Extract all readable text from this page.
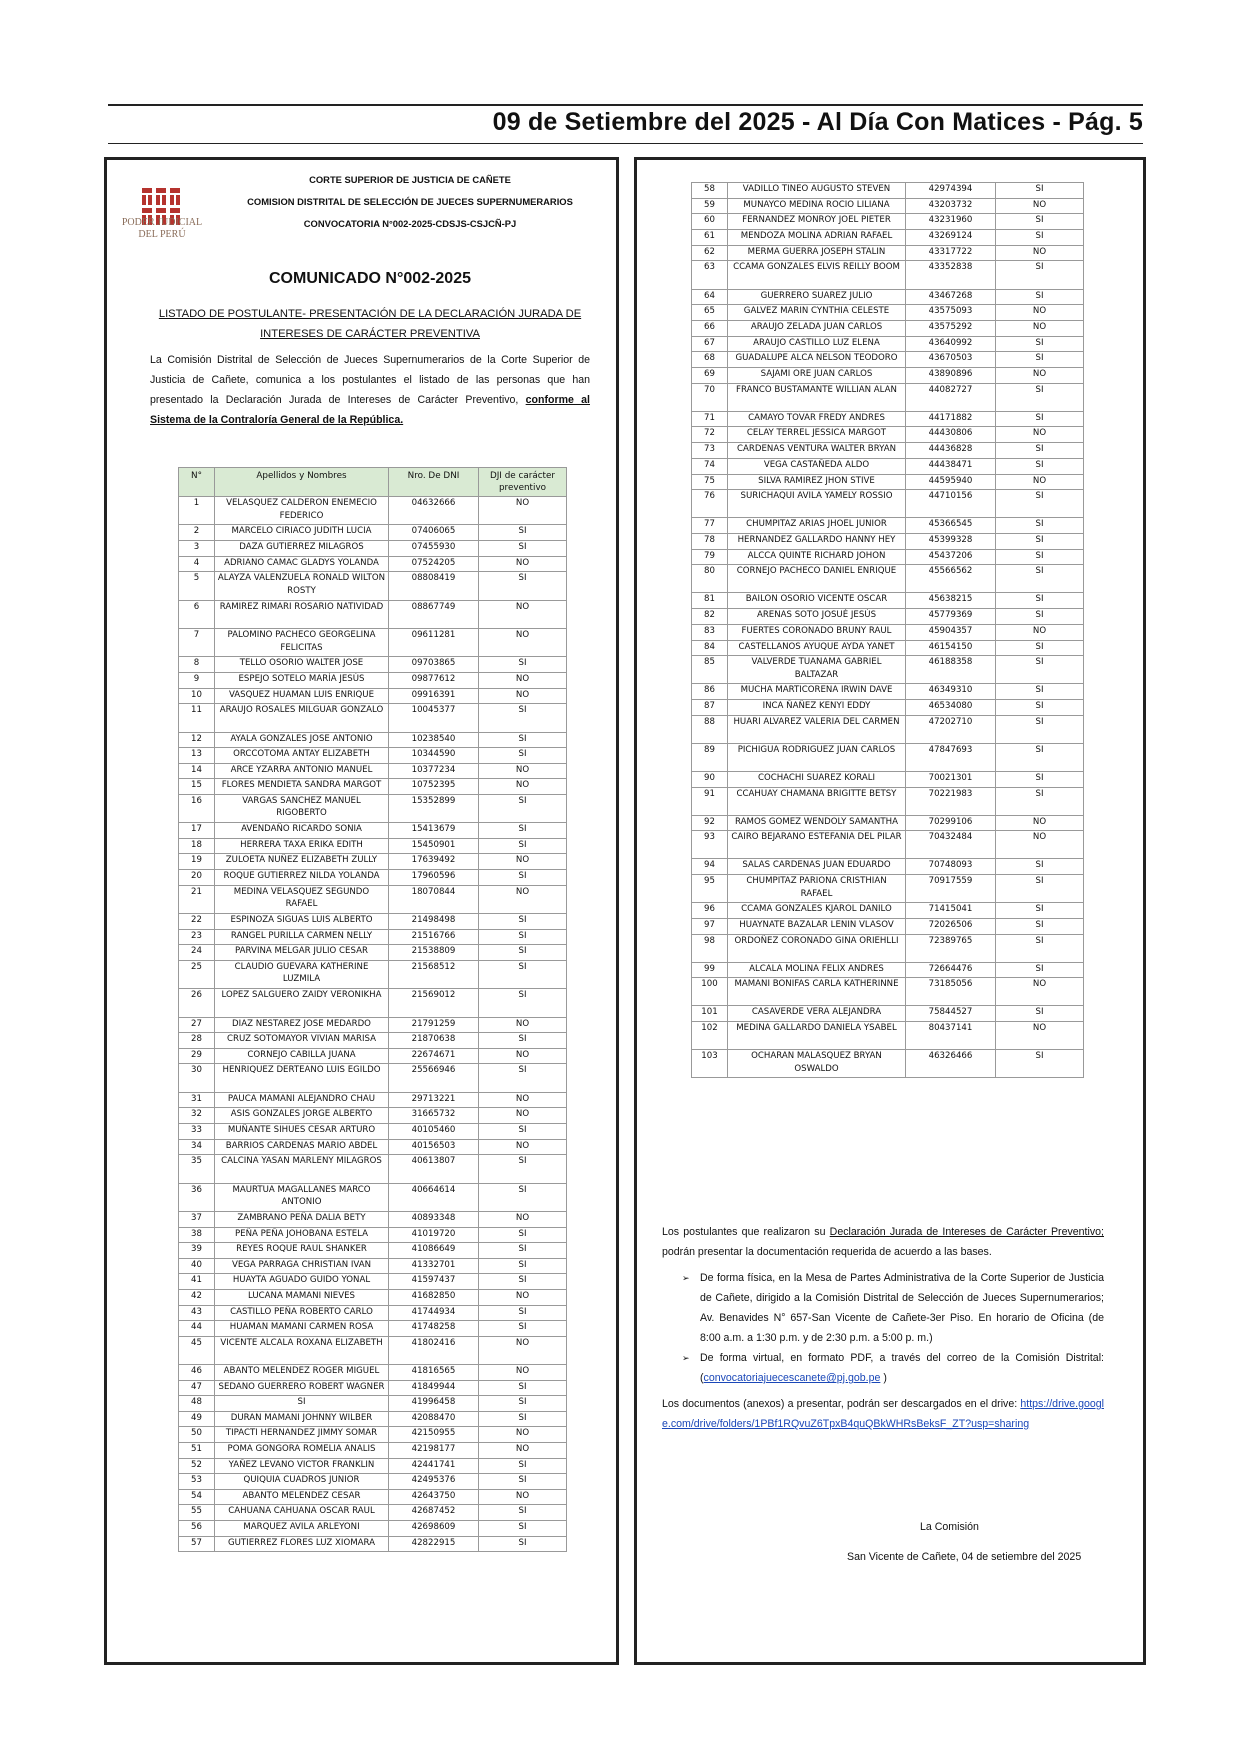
09 de Setiembre del 2025 - Al Día Con Matices - Pág. 5
PODER JUDICIAL
DEL PERÚ
CORTE SUPERIOR DE JUSTICIA DE CAÑETE
COMISION DISTRITAL DE SELECCIÓN DE JUECES SUPERNUMERARIOS
CONVOCATORIA N°002-2025-CDSJS-CSJCÑ-PJ
COMUNICADO N°002-2025
LISTADO DE POSTULANTE- PRESENTACIÓN DE LA DECLARACIÓN JURADA DE INTERESES DE CARÁCTER PREVENTIVA
La Comisión Distrital de Selección de Jueces Supernumerarios de la Corte Superior de Justicia de Cañete, comunica a los postulantes el listado de las personas que han presentado la Declaración Jurada de Intereses de Carácter Preventivo, conforme al Sistema de la Contraloría General de la República.
N°	Apellidos y Nombres	Nro. De DNI	DJI de carácter preventivo
1	VELASQUEZ CALDERON ENEMECIO FEDERICO	04632666	NO
2	MARCELO CIRIACO JUDITH LUCIA	07406065	SI
3	DAZA GUTIERREZ MILAGROS	07455930	SI
4	ADRIANO CAMAC GLADYS YOLANDA	07524205	NO
5	ALAYZA VALENZUELA RONALD WILTON ROSTY	08808419	SI
6	RAMIREZ RIMARI ROSARIO NATIVIDAD	08867749	NO
7	PALOMINO PACHECO GEORGELINA FELICITAS	09611281	NO
8	TELLO OSORIO WALTER JOSE	09703865	SI
9	ESPEJO SOTELO MARÍA JESÚS	09877612	NO
10	VASQUEZ HUAMAN LUIS ENRIQUE	09916391	NO
11	ARAUJO ROSALES MILGUAR GONZALO	10045377	SI
12	AYALA GONZALES JOSE ANTONIO	10238540	SI
13	ORCCOTOMA ANTAY ELIZABETH	10344590	SI
14	ARCE YZARRA ANTONIO MANUEL	10377234	NO
15	FLORES MENDIETA SANDRA MARGOT	10752395	NO
16	VARGAS SANCHEZ MANUEL RIGOBERTO	15352899	SI
17	AVENDAÑO RICARDO SONIA	15413679	SI
18	HERRERA TAXA ERIKA EDITH	15450901	SI
19	ZULOETA NUÑEZ ELIZABETH ZULLY	17639492	NO
20	ROQUE GUTIERREZ NILDA YOLANDA	17960596	SI
21	MEDINA VELASQUEZ SEGUNDO RAFAEL	18070844	NO
22	ESPINOZA SIGUAS LUIS ALBERTO	21498498	SI
23	RANGEL PURILLA CARMEN NELLY	21516766	SI
24	PARVINA MELGAR JULIO CESAR	21538809	SI
25	CLAUDIO GUEVARA KATHERINE LUZMILA	21568512	SI
26	LOPEZ SALGUERO ZAIDY VERONIKHA	21569012	SI
27	DIAZ NESTAREZ JOSE MEDARDO	21791259	NO
28	CRUZ SOTOMAYOR VIVIAN MARISA	21870638	SI
29	CORNEJO CABILLA JUANA	22674671	NO
30	HENRIQUEZ DERTEANO LUIS EGILDO	25566946	SI
31	PAUCA MAMANI ALEJANDRO CHAU	29713221	NO
32	ASIS GONZALES JORGE ALBERTO	31665732	NO
33	MUÑANTE SIHUES CESAR ARTURO	40105460	SI
34	BARRIOS CARDENAS MARIO ABDEL	40156503	NO
35	CALCINA YASAN MARLENY MILAGROS	40613807	SI
36	MAURTUA MAGALLANES MARCO ANTONIO	40664614	SI
37	ZAMBRANO PEÑA DALIA BETY	40893348	NO
38	PEÑA PEÑA JOHOBANA ESTELA	41019720	SI
39	REYES ROQUE RAUL SHANKER	41086649	SI
40	VEGA PARRAGA CHRISTIAN IVAN	41332701	SI
41	HUAYTA AGUADO GUIDO YONAL	41597437	SI
42	LUCANA MAMANI NIEVES	41682850	NO
43	CASTILLO PEÑA ROBERTO CARLO	41744934	SI
44	HUAMAN MAMANI CARMEN ROSA	41748258	SI
45	VICENTE ALCALA ROXANA ELIZABETH	41802416	NO
46	ABANTO MELENDEZ ROGER MIGUEL	41816565	NO
47	SEDANO GUERRERO ROBERT WAGNER	41849944	SI
48	SI	41996458	SI
49	DURAN MAMANI JOHNNY WILBER	42088470	SI
50	TIPACTI HERNANDEZ JIMMY SOMAR	42150955	NO
51	POMA GONGORA ROMELIA ANALIS	42198177	NO
52	YAÑEZ LEVANO VICTOR FRANKLIN	42441741	SI
53	QUIQUIA CUADROS JUNIOR	42495376	SI
54	ABANTO MELENDEZ CESAR	42643750	NO
55	CAHUANA CAHUANA OSCAR RAUL	42687452	SI
56	MARQUEZ AVILA ARLEYONI	42698609	SI
57	GUTIERREZ FLORES LUZ XIOMARA	42822915	SI
58	VADILLO TINEO AUGUSTO STEVEN	42974394	SI
59	MUNAYCO MEDINA ROCIO LILIANA	43203732	NO
60	FERNANDEZ MONROY JOEL PIETER	43231960	SI
61	MENDOZA MOLINA ADRIAN RAFAEL	43269124	SI
62	MERMA GUERRA JOSEPH STALIN	43317722	NO
63	CCAMA GONZALES ELVIS REILLY BOOM	43352838	SI
64	GUERRERO SUAREZ JULIO	43467268	SI
65	GALVEZ MARIN CYNTHIA CELESTE	43575093	NO
66	ARAUJO ZELADA JUAN CARLOS	43575292	NO
67	ARAUJO CASTILLO LUZ ELENA	43640992	SI
68	GUADALUPE ALCA NELSON TEODORO	43670503	SI
69	SAJAMI ORE JUAN CARLOS	43890896	NO
70	FRANCO BUSTAMANTE WILLIAN ALAN	44082727	SI
71	CAMAYO TOVAR FREDY ANDRES	44171882	SI
72	CELAY TERREL JESSICA MARGOT	44430806	NO
73	CARDENAS VENTURA WALTER BRYAN	44436828	SI
74	VEGA CASTAÑEDA ALDO	44438471	SI
75	SILVA RAMIREZ JHON STIVE	44595940	NO
76	SURICHAQUI AVILA YAMELY ROSSIO	44710156	SI
77	CHUMPITAZ ARIAS JHOEL JUNIOR	45366545	SI
78	HERNANDEZ GALLARDO HANNY HEY	45399328	SI
79	ALCCA QUINTE RICHARD JOHON	45437206	SI
80	CORNEJO PACHECO DANIEL ENRIQUE	45566562	SI
81	BAILON OSORIO VICENTE OSCAR	45638215	SI
82	ARENAS SOTO JOSUÉ JESÚS	45779369	SI
83	FUERTES CORONADO BRUNY RAUL	45904357	NO
84	CASTELLANOS AYUQUE AYDA YANET	46154150	SI
85	VALVERDE TUANAMA GABRIEL BALTAZAR	46188358	SI
86	MUCHA MARTICORENA IRWIN DAVE	46349310	SI
87	INCA ÑAÑEZ KENYI EDDY	46534080	SI
88	HUARI ALVAREZ VALERIA DEL CARMEN	47202710	SI
89	PICHIGUA RODRIGUEZ JUAN CARLOS	47847693	SI
90	COCHACHI SUAREZ KORALI	70021301	SI
91	CCAHUAY CHAMANA BRIGITTE BETSY	70221983	SI
92	RAMOS GOMEZ WENDOLY SAMANTHA	70299106	NO
93	CAIRO BEJARANO ESTEFANIA DEL PILAR	70432484	NO
94	SALAS CARDENAS JUAN EDUARDO	70748093	SI
95	CHUMPITAZ PARIONA CRISTHIAN RAFAEL	70917559	SI
96	CCAMA GONZALES KJAROL DANILO	71415041	SI
97	HUAYNATE BAZALAR LENIN VLASOV	72026506	SI
98	ORDOÑEZ CORONADO GINA ORIEHLLI	72389765	SI
99	ALCALA MOLINA FELIX ANDRES	72664476	SI
100	MAMANI BONIFAS CARLA KATHERINNE	73185056	NO
101	CASAVERDE VERA ALEJANDRA	75844527	SI
102	MEDINA GALLARDO DANIELA YSABEL	80437141	NO
103	OCHARAN MALASQUEZ BRYAN OSWALDO	46326466	SI
Los postulantes que realizaron su Declaración Jurada de Intereses de Carácter Preventivo; podrán presentar la documentación requerida de acuerdo a las bases.
➢ De forma física, en la Mesa de Partes Administrativa de la Corte Superior de Justicia de Cañete, dirigido a la Comisión Distrital de Selección de Jueces Supernumerarios; Av. Benavides N° 657-San Vicente de Cañete-3er Piso. En horario de Oficina (de 8:00 a.m. a 1:30 p.m. y de 2:30 p.m. a 5:00 p. m.)
➢ De forma virtual, en formato PDF, a través del correo de la Comisión Distrital: (convocatoriajuecescanete@pj.gob.pe )
Los documentos (anexos) a presentar, podrán ser descargados en el drive: https://drive.google.com/drive/folders/1PBf1RQvuZ6TpxB4quQBkWHRsBeksF_ZT?usp=sharing
La Comisión
San Vicente de Cañete, 04 de setiembre del 2025
